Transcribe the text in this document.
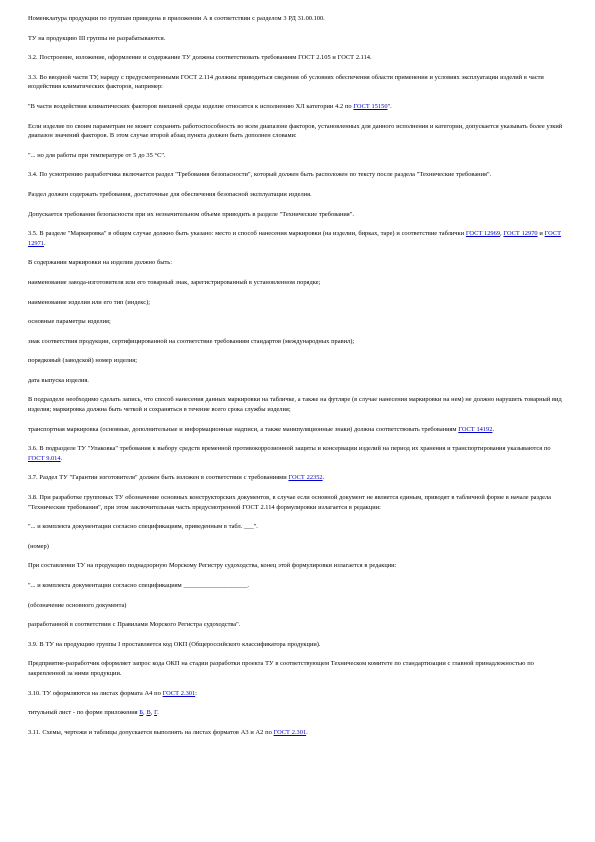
Номенклатура продукции по группам приведена в приложении А в соответствии с разделом 3 РД 31.00.100.

ТУ на продукцию III группы не разрабатываются.

3.2. Построение, изложение, оформление и содержание ТУ должны соответствовать требованиям ГОСТ 2.105 и ГОСТ 2.114.

3.3. Во вводной части ТУ, наряду с предусмотренными ГОСТ 2.114 должны приводиться сведения об условиях обеспечения области применения и условиях эксплуатации изделий в части воздействия климатических факторов, например:

"В части воздействия климатических факторов внешней среды изделие относится к исполнению ХЛ категории 4.2 по ГОСТ 15150".

Если изделие по своим параметрам не может сохранять работоспособность во всем диапазоне факторов, установленных для данного исполнения и категории, допускается указывать более узкий диапазон значений факторов. В этом случае второй абзац пункта должен быть дополнен словами:

"... но для работы при температуре от 5 до 35 °С".

3.4. По усмотрению разработчика включается раздел "Требования безопасности", который должен быть расположен по тексту после раздела "Технические требования".

Раздел должен содержать требования, достаточные для обеспечения безопасной эксплуатации изделия.

Допускается требования безопасности при их незначительном объеме приводить в разделе "Технические требования".

3.5. В разделе "Маркировка" в общем случае должно быть указано: место и способ нанесения маркировки (на изделии, бирках, таре) и соответствие таблички ГОСТ 12969, ГОСТ 12970 и ГОСТ 12971.

В содержании маркировки на изделии должно быть:

наименование завода-изготовителя или его товарный знак, зарегистрированный в установленном порядке;

наименование изделия или его тип (индекс);

основные параметры изделия;

знак соответствия продукции, сертифицированной на соответствие требованиям стандартов (международных правил);

порядковый (заводской) номер изделия;

дата выпуска изделия.

В подразделе необходимо сделать запись, что способ нанесения данных маркировки на табличке, а также на футляре (в случае нанесения маркировки на нем) не должно нарушить товарный вид изделия; маркировка должна быть четкой и сохраняться в течение всего срока службы изделия;

транспортная маркировка (основные, дополнительные и информационные надписи, а также манипуляционные знаки) должна соответствовать требованиям ГОСТ 14192.

3.6. В подразделе ТУ "Упаковка" требования к выбору средств временной противокоррозионной защиты и консервации изделий на период их хранения и транспортирования указываются по ГОСТ 9.014.

3.7. Раздел ТУ "Гарантии изготовителя" должен быть изложен в соответствии с требованиями ГОСТ 22352.

3.8. При разработке групповых ТУ обозначение основных конструкторских документов, в случае если основной документ не является единым, приводят в табличной форме в начале раздела "Технические требования", при этом заключительная часть предусмотренной ГОСТ 2.114 формулировки излагается в редакции:

"... и комплекта документации согласно спецификациям, приведенным в табл. ___".

(номер)

При составлении ТУ на продукцию поднадзорную Морскому Регистру судоходства, конец этой формулировки излагается в редакции:

"... и комплекта документации согласно спецификациям ____________________.

(обозначение основного документа)

разработанной в соответствии с Правилами Морского Регистра судоходства".

3.9. В ТУ на продукцию группы I проставляется код ОКП (Общероссийского классификатора продукции).

Предприятие-разработчик оформляет запрос кода ОКП на стадии разработки проекта ТУ в соответствующем Техническом комитете по стандартизации с главной принадлежностью по закрепленной за ними продукции.

3.10. ТУ оформляются на листах формата А4 по ГОСТ 2.301:

титульный лист - по форме приложения Б, В, Г.

3.11. Схемы, чертежи и таблицы допускается выполнять на листах форматов А3 и А2 по ГОСТ 2.301.
